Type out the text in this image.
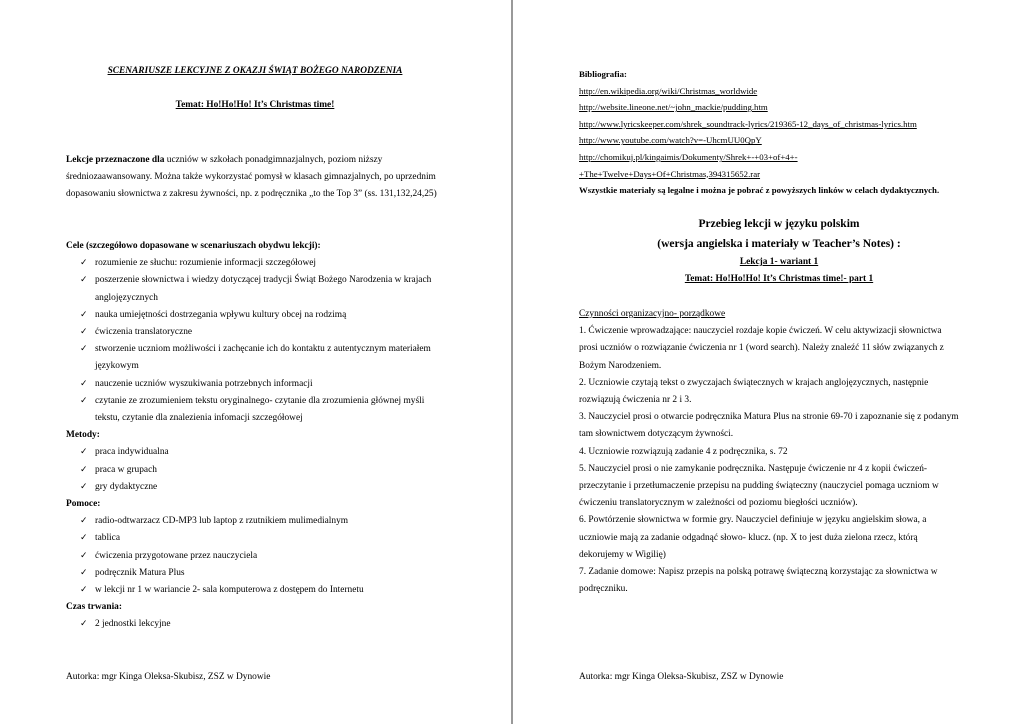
SCENARIUSZE LEKCYJNE Z OKAZJI ŚWIĄT BOŻEGO NARODZENIA
Temat: Ho!Ho!Ho! It’s Christmas time!
Lekcje przeznaczone dla uczniów w szkołach ponadgimnazjalnych, poziom niższy średniozaawansowany. Można także wykorzystać pomysł w klasach gimnazjalnych, po uprzednim dopasowaniu słownictwa z zakresu żywności, np. z podręcznika „to the Top 3” (ss. 131,132,24,25)
Cele (szczegółowo dopasowane w scenariuszach obydwu lekcji):
✓ rozumienie ze słuchu: rozumienie informacji szczegółowej
✓ poszerzenie słownictwa i wiedzy dotyczącej tradycji Świąt Bożego Narodzenia w krajach anglojęzycznych
✓ nauka umiejętności dostrzegania wpływu kultury obcej na rodzimą
✓ ćwiczenia translatoryczne
✓ stworzenie uczniom możliwości i zachęcanie ich do kontaktu z autentycznym materiałem językowym
✓ nauczenie uczniów wyszukiwania potrzebnych informacji
✓ czytanie ze zrozumieniem tekstu oryginalnego- czytanie dla zrozumienia głównej myśli tekstu, czytanie dla znalezienia infomacji szczegółowej
Metody:
✓ praca indywidualna
✓ praca w grupach
✓ gry dydaktyczne
Pomoce:
✓ radio-odtwarzacz CD-MP3 lub laptop z rzutnikiem mulimedialnym
✓ tablica
✓ ćwiczenia przygotowane przez nauczyciela
✓ podręcznik Matura Plus
✓ w lekcji nr 1 w wariancie 2- sala komputerowa z dostępem do Internetu
Czas trwania:
✓ 2 jednostki lekcyjne
Autorka: mgr Kinga Oleksa-Skubisz, ZSZ w Dynowie
Bibliografia:
http://en.wikipedia.org/wiki/Christmas_worldwide
http://website.lineone.net/~john_mackie/pudding.htm
http://www.lyricskeeper.com/shrek_soundtrack-lyrics/219365-12_days_of_christmas-lyrics.htm
http://www.youtube.com/watch?v=-UhcmUU0QpY
http://chomikuj.pl/kingaimis/Dokumenty/Shrek+-+03+of+4+-
+The+Twelve+Days+Of+Christmas,394315652.rar
Wszystkie materiały są legalne i można je pobrać z powyższych linków w celach dydaktycznych.
Przebieg lekcji w języku polskim
(wersja angielska i materiały w Teacher’s Notes) :
Lekcja 1- wariant 1
Temat: Ho!Ho!Ho! It’s Christmas time!- part 1
Czynności organizacyjno- porządkowe
1. Ćwiczenie wprowadzające: nauczyciel rozdaje kopie ćwiczeń. W celu aktywizacji słownictwa prosi uczniów o rozwiązanie ćwiczenia nr 1 (word search). Należy znaleźć 11 słów związanych z Bożym Narodzeniem.
2. Uczniowie czytają tekst o zwyczajach świątecznych w krajach anglojęzycznych, następnie rozwiązują ćwiczenia nr 2 i 3.
3. Nauczyciel prosi o otwarcie podręcznika Matura Plus na stronie 69-70 i zapoznanie się z podanym tam słownictwem dotyczącym żywności.
4. Uczniowie rozwiązują zadanie 4 z podręcznika, s. 72
5. Nauczyciel prosi o nie zamykanie podręcznika. Następuje ćwiczenie nr 4 z kopii ćwiczeń- przeczytanie i przetłumaczenie przepisu na pudding świąteczny (nauczyciel pomaga uczniom w ćwiczeniu translatorycznym w zależności od poziomu biegłości uczniów).
6. Powtórzenie słownictwa w formie gry. Nauczyciel definiuje w języku angielskim słowa, a uczniowie mają za zadanie odgadnąć słowo- klucz. (np. X to jest duża zielona rzecz, którą dekorujemy w Wigilię)
7. Zadanie domowe: Napisz przepis na polską potrawę świąteczną korzystając za słownictwa w podręczniku.
Autorka: mgr Kinga Oleksa-Skubisz, ZSZ w Dynowie
